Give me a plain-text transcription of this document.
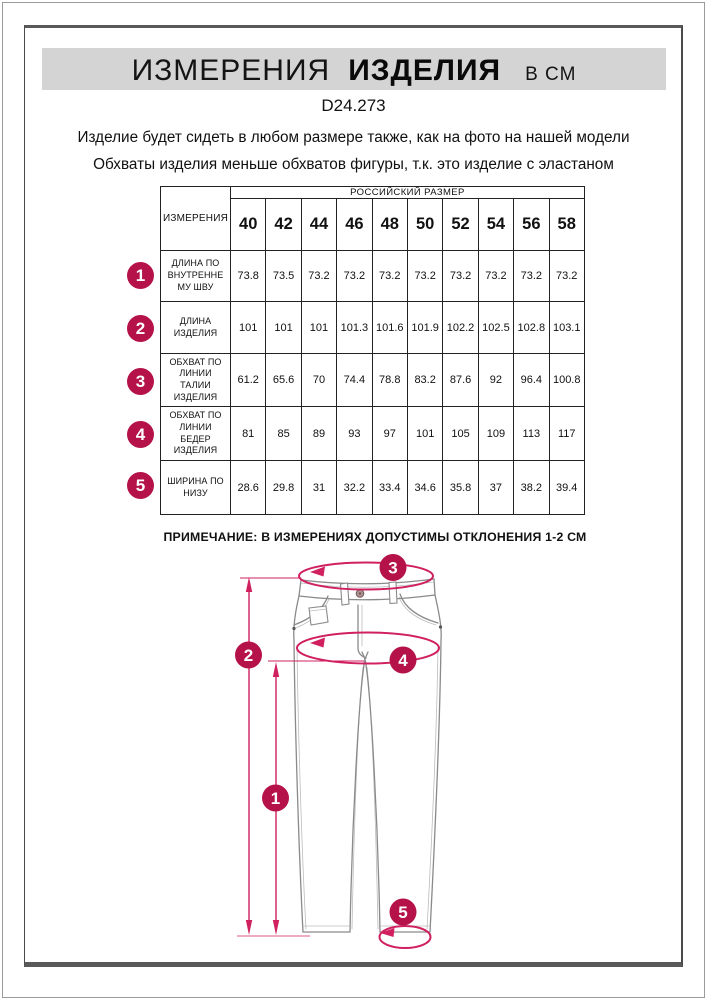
ИЗМЕРЕНИЯ ИЗДЕЛИЯ В СМ
D24.273
Изделие будет сидеть в любом размере также, как на фото на нашей модели
Обхваты изделия меньше обхватов фигуры, т.к. это изделие с эластаном
ИЗМЕРЕНИЯ	РОССИЙСКИЙ РАЗМЕР									
	40	42	44	46	48	50	52	54	56	58
ДЛИНА ПО ВНУТРЕННЕ МУ ШВУ	73.8	73.5	73.2	73.2	73.2	73.2	73.2	73.2	73.2	73.2
ДЛИНА ИЗДЕЛИЯ	101	101	101	101.3	101.6	101.9	102.2	102.5	102.8	103.1
ОБХВАТ ПО ЛИНИИ ТАЛИИ ИЗДЕЛИЯ	61.2	65.6	70	74.4	78.8	83.2	87.6	92	96.4	100.8
ОБХВАТ ПО ЛИНИИ БЕДЕР ИЗДЕЛИЯ	81	85	89	93	97	101	105	109	113	117
ШИРИНА ПО НИЗУ	28.6	29.8	31	32.2	33.4	34.6	35.8	37	38.2	39.4
1
2
3
4
5
ПРИМЕЧАНИЕ: В ИЗМЕРЕНИЯХ ДОПУСТИМЫ ОТКЛОНЕНИЯ 1-2 СМ
3
4
2
1
5
